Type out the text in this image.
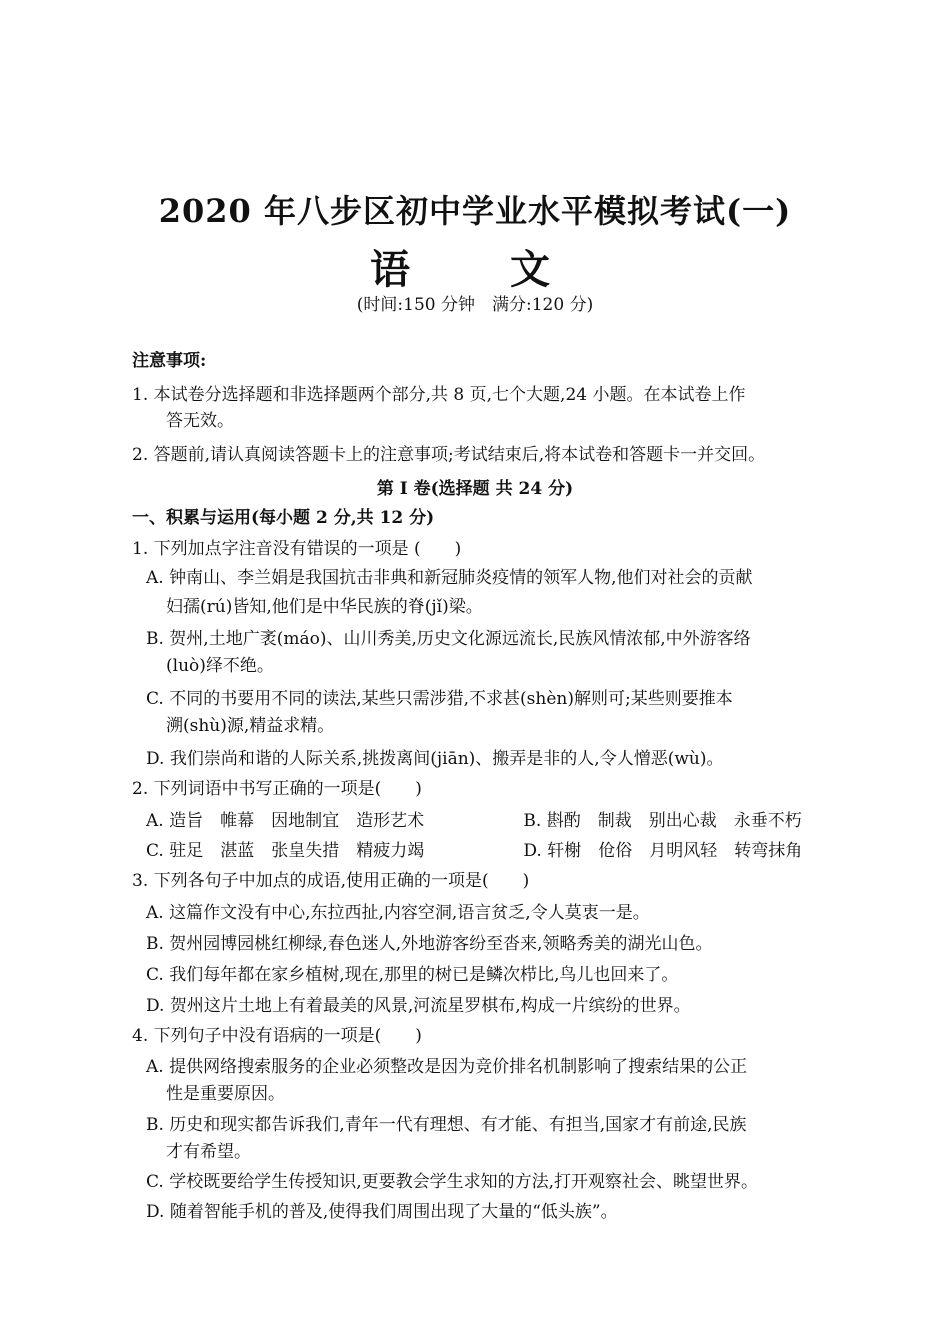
2020 年八步区初中学业水平模拟考试(一)
语　文
(时间:150 分钟　满分:120 分)
注意事项:
1. 本试卷分选择题和非选择题两个部分,共 8 页,七个大题,24 小题。在本试卷上作
答无效。
2. 答题前,请认真阅读答题卡上的注意事项;考试结束后,将本试卷和答题卡一并交回。
第 I 卷(选择题 共 24 分)
一、积累与运用(每小题 2 分,共 12 分)
1. 下列加点字注音没有错误的一项是 (　　)
A. 钟南山、李兰娟是我国抗击非典和新冠肺炎疫情的领军人物,他们对社会的贡献
妇孺(rú)皆知,他们是中华民族的脊(jǐ)梁。
B. 贺州,土地广袤(máo)、山川秀美,历史文化源远流长,民族风情浓郁,中外游客络
(luò)绎不绝。
C. 不同的书要用不同的读法,某些只需涉猎,不求甚(shèn)解则可;某些则要推本
溯(shù)源,精益求精。
D. 我们崇尚和谐的人际关系,挑拨离间(jiān)、搬弄是非的人,令人憎恶(wù)。
2. 下列词语中书写正确的一项是(　　)
A. 造旨　帷幕　因地制宜　造形艺术	B. 斟酌　制裁　别出心裁　永垂不朽
C. 驻足　湛蓝　张皇失措　精疲力竭	D. 轩榭　伧俗　月明风轻　转弯抹角
3. 下列各句子中加点的成语,使用正确的一项是(　　)
A. 这篇作文没有中心,东拉西扯,内容空洞,语言贫乏,令人莫衷一是。
B. 贺州园博园桃红柳绿,春色迷人,外地游客纷至沓来,领略秀美的湖光山色。
C. 我们每年都在家乡植树,现在,那里的树已是鳞次栉比,鸟儿也回来了。
D. 贺州这片土地上有着最美的风景,河流星罗棋布,构成一片缤纷的世界。
4. 下列句子中没有语病的一项是(　　)
A. 提供网络搜索服务的企业必须整改是因为竞价排名机制影响了搜索结果的公正
性是重要原因。
B. 历史和现实都告诉我们,青年一代有理想、有才能、有担当,国家才有前途,民族
才有希望。
C. 学校既要给学生传授知识,更要教会学生求知的方法,打开观察社会、眺望世界。
D. 随着智能手机的普及,使得我们周围出现了大量的“低头族”。
